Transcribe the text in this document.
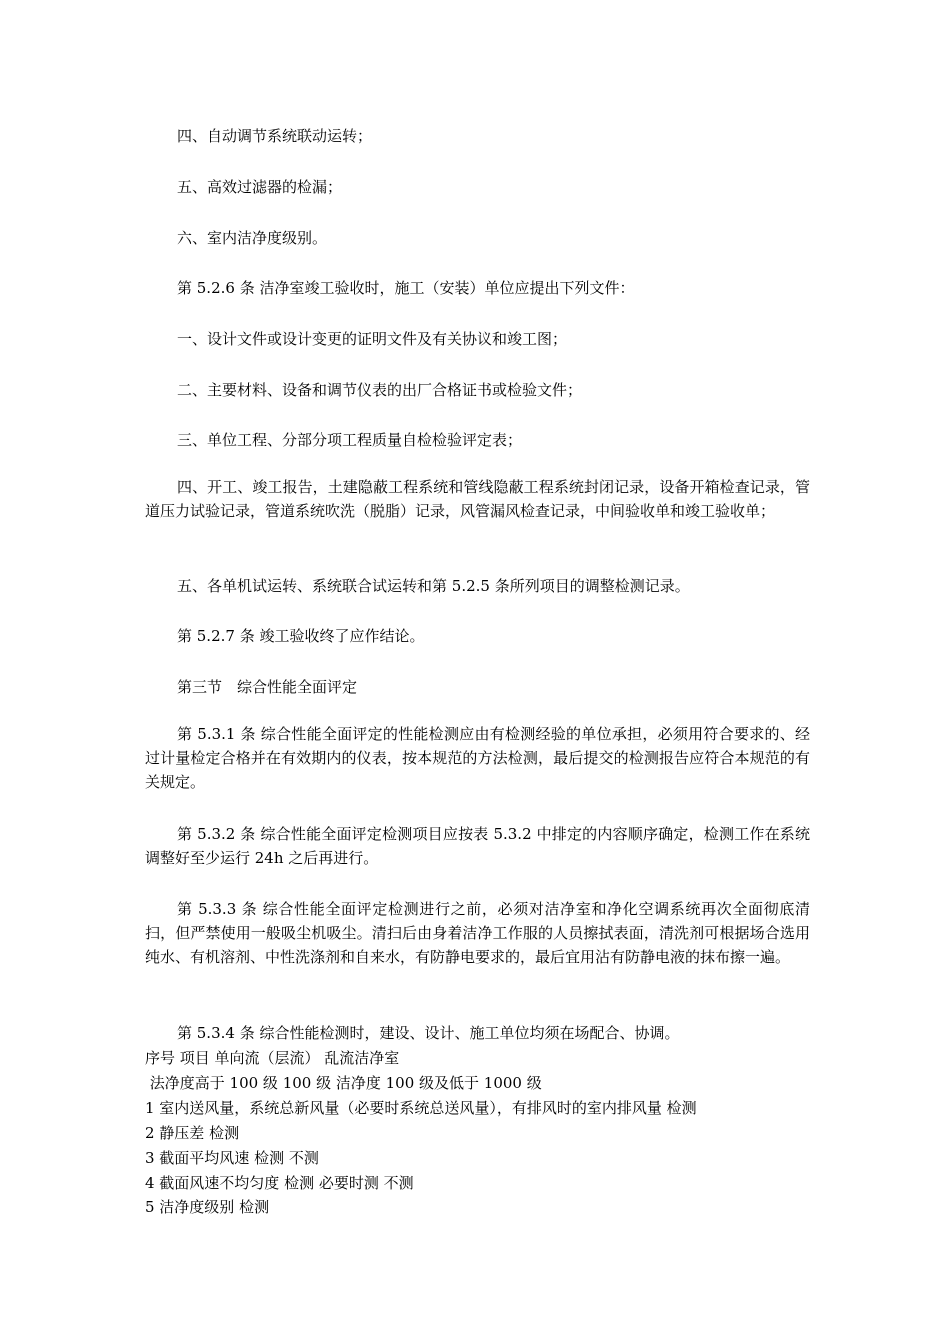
四、自动调节系统联动运转；

五、高效过滤器的检漏；

六、室内洁净度级别。

第 5.2.6 条 洁净室竣工验收时，施工（安装）单位应提出下列文件：

一、设计文件或设计变更的证明文件及有关协议和竣工图；

二、主要材料、设备和调节仪表的出厂合格证书或检验文件；

三、单位工程、分部分项工程质量自检检验评定表；

四、开工、竣工报告，土建隐蔽工程系统和管线隐蔽工程系统封闭记录，设备开箱检查记录，管道压力试验记录，管道系统吹洗（脱脂）记录，风管漏风检查记录，中间验收单和竣工验收单；

五、各单机试运转、系统联合试运转和第 5.2.5 条所列项目的调整检测记录。

第 5.2.7 条 竣工验收终了应作结论。

第三节　综合性能全面评定

第 5.3.1 条 综合性能全面评定的性能检测应由有检测经验的单位承担，必须用符合要求的、经过计量检定合格并在有效期内的仪表，按本规范的方法检测，最后提交的检测报告应符合本规范的有关规定。

第 5.3.2 条 综合性能全面评定检测项目应按表 5.3.2 中排定的内容顺序确定，检测工作在系统调整好至少运行 24h 之后再进行。

第 5.3.3 条 综合性能全面评定检测进行之前，必须对洁净室和净化空调系统再次全面彻底清扫，但严禁使用一般吸尘机吸尘。清扫后由身着洁净工作服的人员擦拭表面，清洗剂可根据场合选用纯水、有机溶剂、中性洗涤剂和自来水，有防静电要求的，最后宜用沾有防静电液的抹布擦一遍。

第 5.3.4 条 综合性能检测时，建设、设计、施工单位均须在场配合、协调。

序号 项目 单向流（层流） 乱流洁净室

法净度高于 100 级 100 级 洁净度 100 级及低于 1000 级

1 室内送风量，系统总新风量（必要时系统总送风量），有排风时的室内排风量 检测

2 静压差 检测

3 截面平均风速 检测 不测

4 截面风速不均匀度 检测 必要时测 不测

5 洁净度级别 检测
